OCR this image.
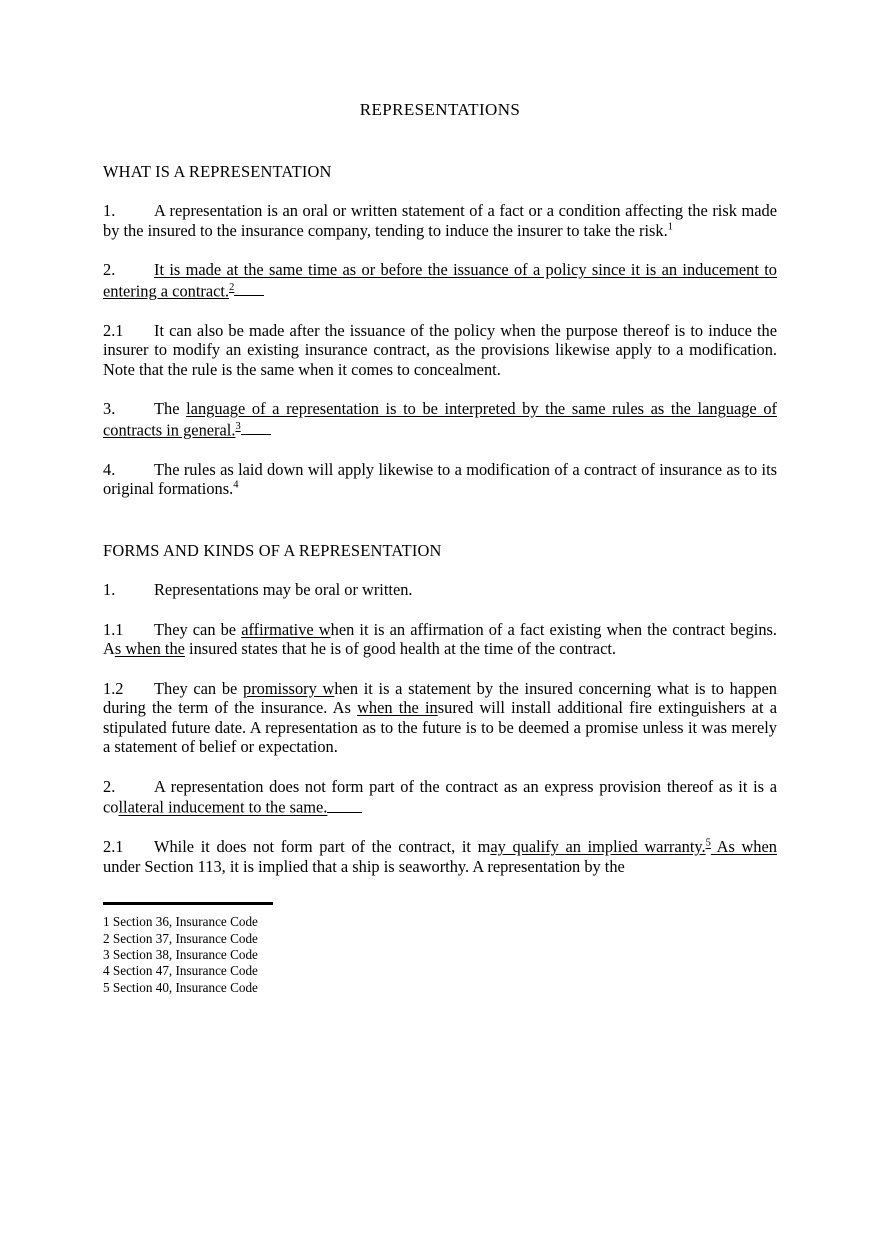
REPRESENTATIONS
WHAT IS A REPRESENTATION

1. A representation is an oral or written statement of a fact or a condition affecting the risk made by the insured to the insurance company, tending to induce the insurer to take the risk.$^1$

2. It is made at the same time as or before the issuance of a policy since it is an inducement to entering a contract.$^2$

2.1 It can also be made after the issuance of the policy when the purpose thereof is to induce the insurer to modify an existing insurance contract, as the provisions likewise apply to a modification. Note that the rule is the same when it comes to concealment.

3. The language of a representation is to be interpreted by the same rules as the language of contracts in general.$^3$

4. The rules as laid down will apply likewise to a modification of a contract of insurance as to its original formations.$^4$

FORMS AND KINDS OF A REPRESENTATION

1. Representations may be oral or written.

1.1 They can be affirmative when it is an affirmation of a fact existing when the contract begins. As when the insured states that he is of good health at the time of the contract.

1.2 They can be promissory when it is a statement by the insured concerning what is to happen during the term of the insurance. As when the insured will install additional fire extinguishers at a stipulated future date. A representation as to the future is to be deemed a promise unless it was merely a statement of belief or expectation.

2. A representation does not form part of the contract as an express provision thereof as it is a collateral inducement to the same.

2.1 While it does not form part of the contract, it may qualify an implied warranty.$^5$ As when under Section 113, it is implied that a ship is seaworthy. A representation by the

1 Section 36, Insurance Code
2 Section 37, Insurance Code
3 Section 38, Insurance Code
4 Section 47, Insurance Code
5 Section 40, Insurance Code
